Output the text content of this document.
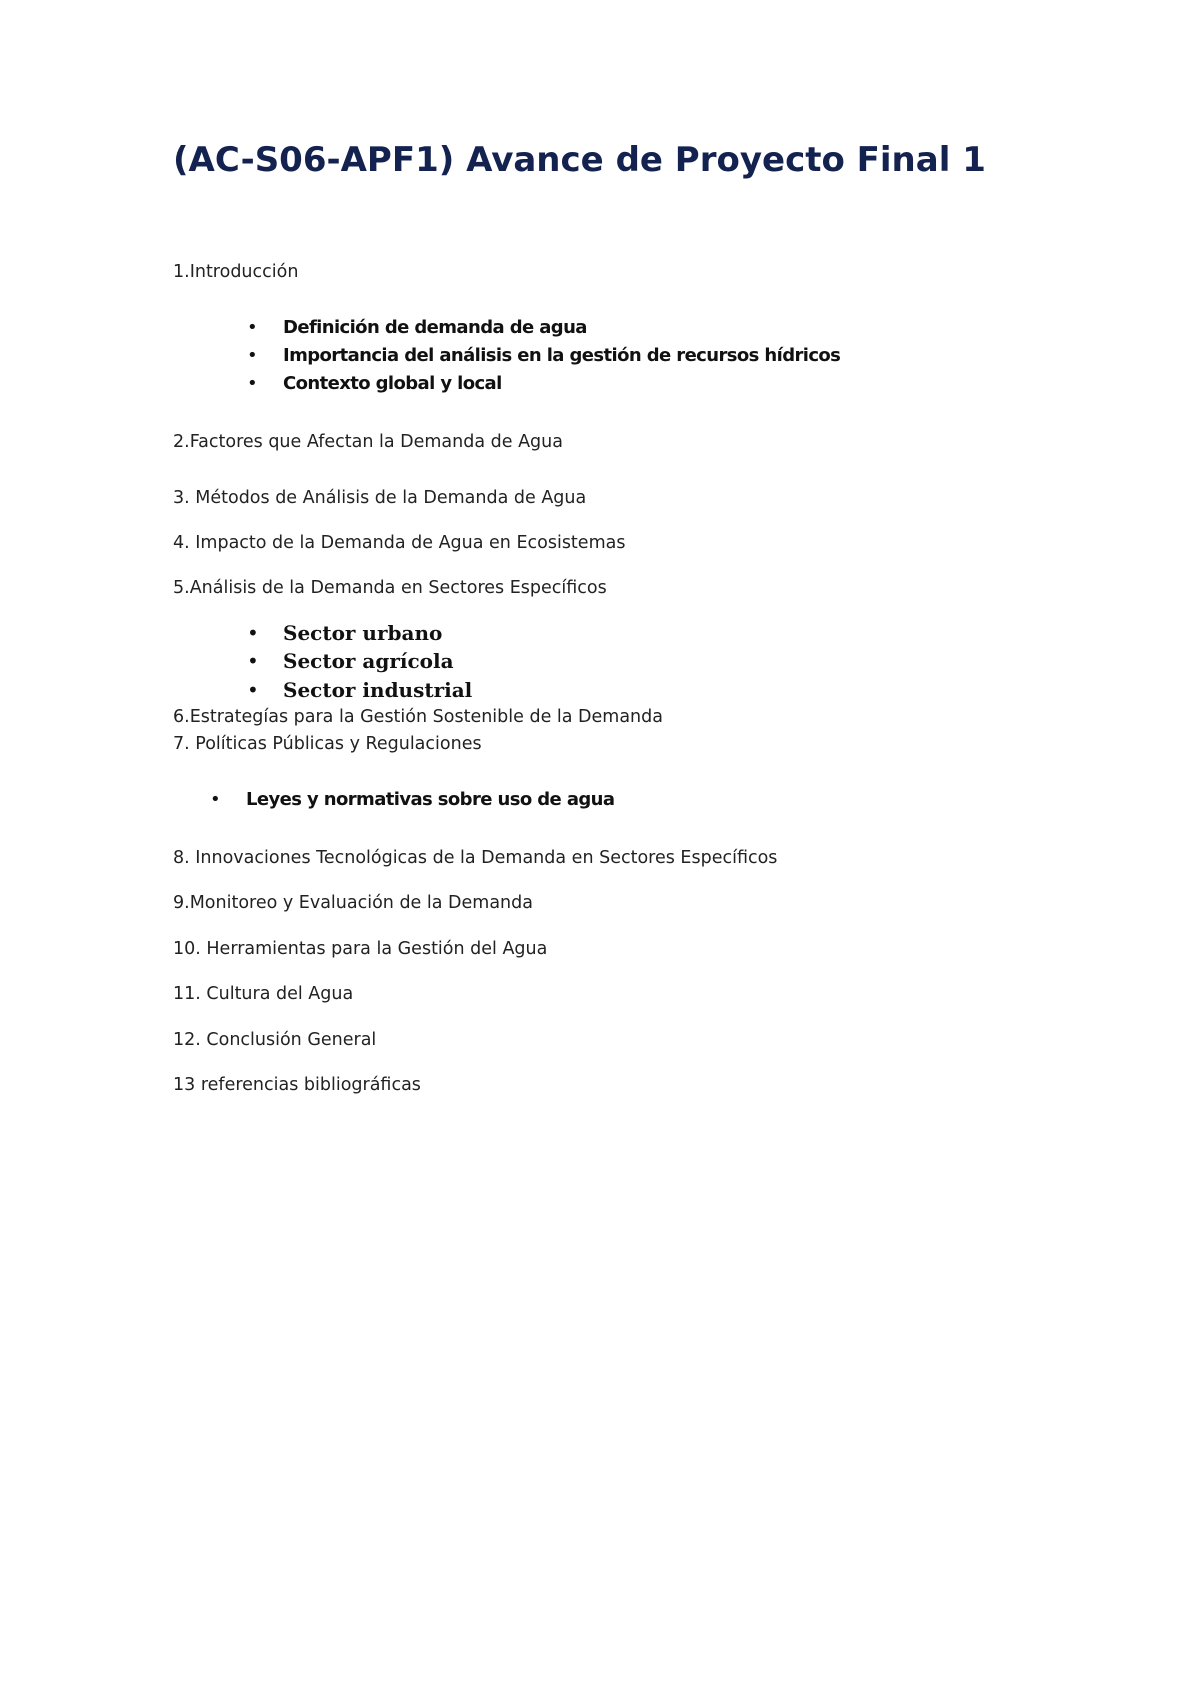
(AC-S06-APF1) Avance de Proyecto Final 1

1.Introducción

• Definición de demanda de agua
• Importancia del análisis en la gestión de recursos hídricos
• Contexto global y local

2.Factores que Afectan la Demanda de Agua

3. Métodos de Análisis de la Demanda de Agua

4. Impacto de la Demanda de Agua en Ecosistemas

5.Análisis de la Demanda en Sectores Específicos

• Sector urbano
• Sector agrícola
• Sector industrial

6.Estrategías para la Gestión Sostenible de la Demanda

7. Políticas Públicas y Regulaciones

• Leyes y normativas sobre uso de agua

8. Innovaciones Tecnológicas de la Demanda en Sectores Específicos

9.Monitoreo y Evaluación de la Demanda

10. Herramientas para la Gestión del Agua

11. Cultura del Agua

12. Conclusión General

13 referencias bibliográficas
